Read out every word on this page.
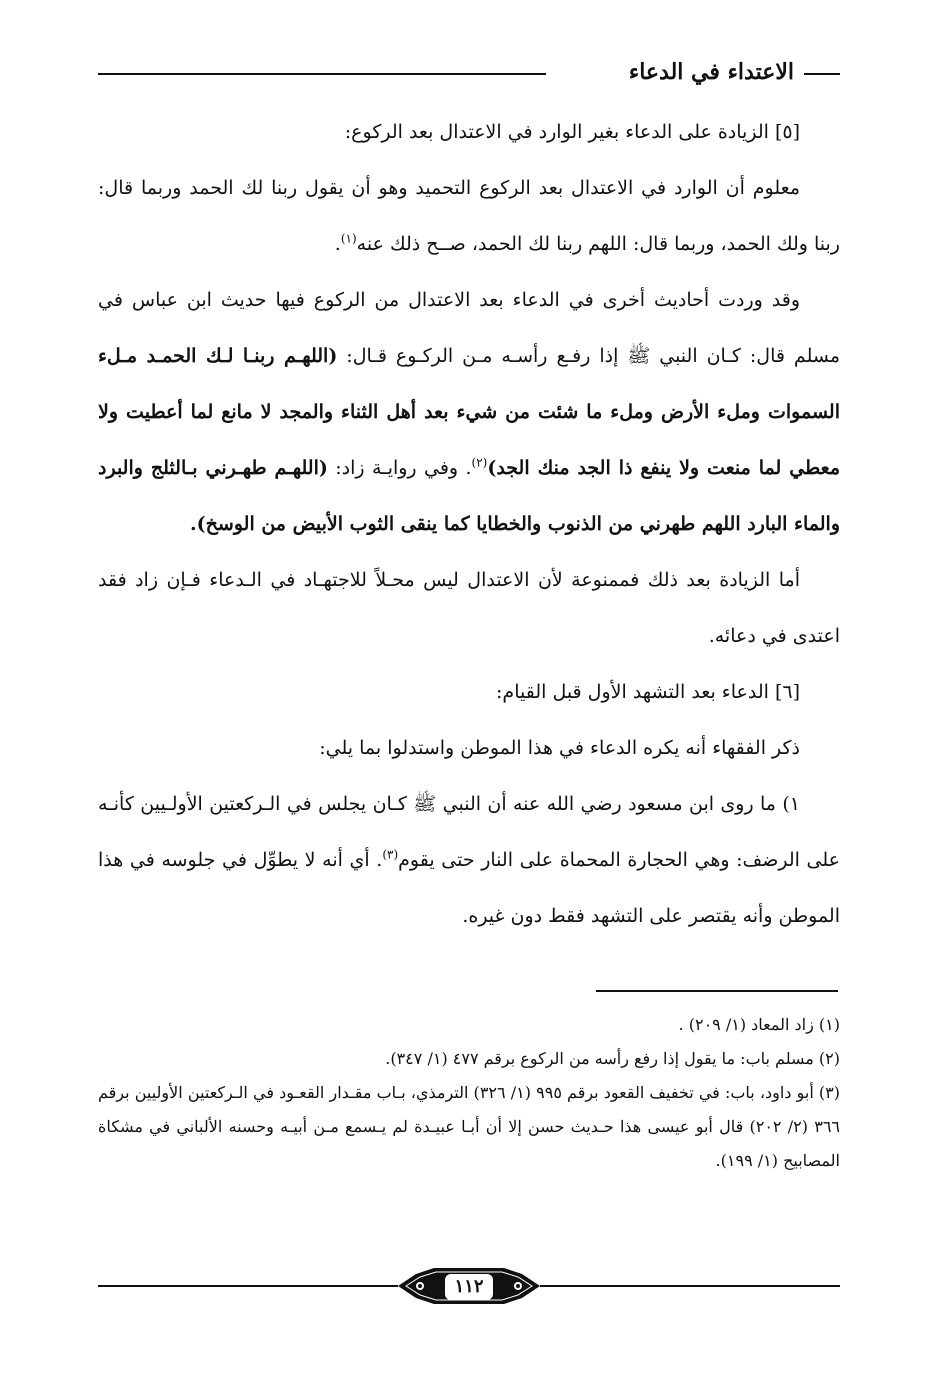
الاعتداء في الدعاء

[٥] الزيادة على الدعاء بغير الوارد في الاعتدال بعد الركوع:

معلوم أن الوارد في الاعتدال بعد الركوع التحميد وهو أن يقول ربنا لك الحمد وربما قال: ربنا ولك الحمد، وربما قال: اللهم ربنا لك الحمد، صــح ذلك عنه$^{(١)}$.

وقد وردت أحاديث أخرى في الدعاء بعد الاعتدال من الركوع فيها حديث ابن عباس في مسلم قال: كـان النبي ﷺ إذا رفـع رأسـه مـن الركـوع قـال: (اللهـم ربنـا لـك الحمـد مـلء السموات وملء الأرض وملء ما شئت من شيء بعد أهل الثناء والمجد لا مانع لما أعطيت ولا معطي لما منعت ولا ينفع ذا الجد منك الجد)$^{(٢)}$. وفي روايـة زاد: (اللهـم طهـرني بـالثلج والبرد والماء البارد اللهم طهرني من الذنوب والخطايا كما ينقى الثوب الأبيض من الوسخ).

أما الزيادة بعد ذلك فممنوعة لأن الاعتدال ليس محـلاً للاجتهـاد في الـدعاء فـإن زاد فقد اعتدى في دعائه.

[٦] الدعاء بعد التشهد الأول قبل القيام:

ذكر الفقهاء أنه يكره الدعاء في هذا الموطن واستدلوا بما يلي:

١) ما روى ابن مسعود رضي الله عنه أن النبي ﷺ كـان يجلس في الـركعتين الأولـيين كأنـه على الرضف: وهي الحجارة المحماة على النار حتى يقوم$^{(٣)}$. أي أنه لا يطوِّل في جلوسه في هذا الموطن وأنه يقتصر على التشهد فقط دون غيره.

(١) زاد المعاد (١/ ٢٠٩) .

(٢) مسلم باب: ما يقول إذا رفع رأسه من الركوع برقم ٤٧٧ (١/ ٣٤٧).

(٣) أبو داود، باب: في تخفيف القعود برقم ٩٩٥ (١/ ٣٢٦) الترمذي، بـاب مقـدار القعـود في الـركعتين الأوليين برقم ٣٦٦ (٢/ ٢٠٢) قال أبو عيسى هذا حـديث حسن إلا أن أبـا عبيـدة لم يـسمع مـن أبيـه وحسنه الألباني في مشكاة المصابيح (١/ ١٩٩).

١١٢
